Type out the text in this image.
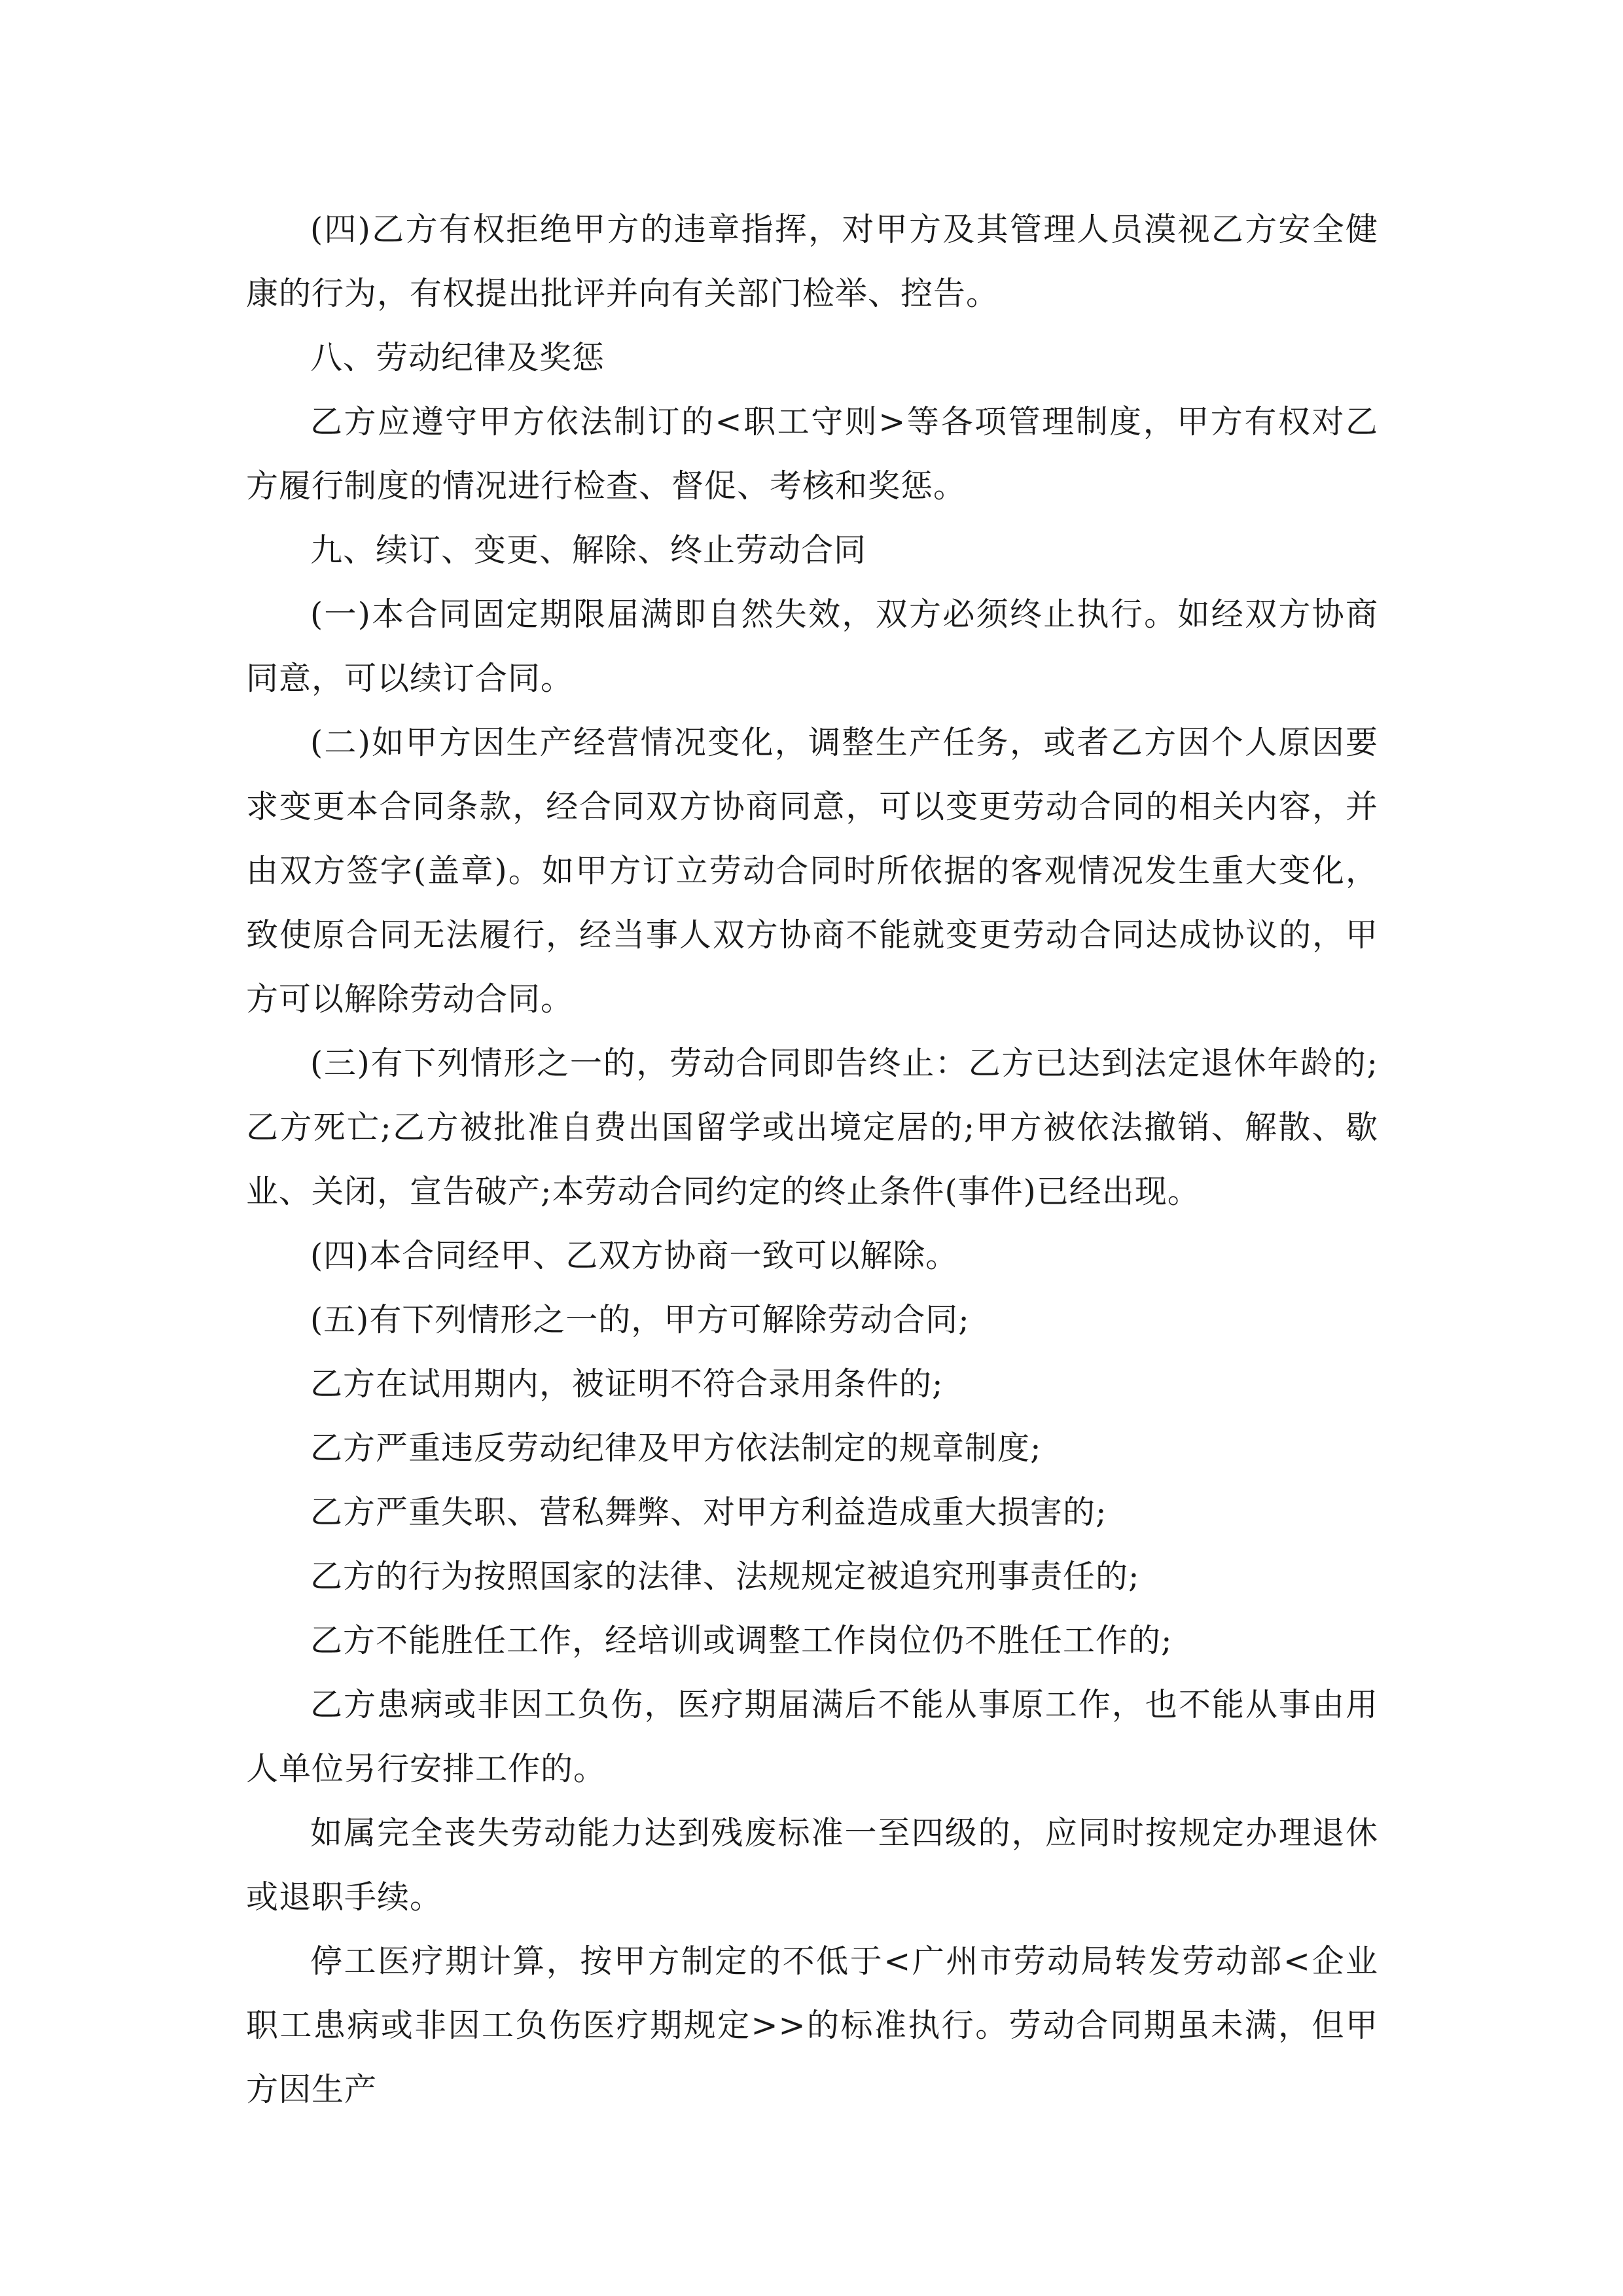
(四)乙方有权拒绝甲方的违章指挥，对甲方及其管理人员漠视乙方安全健康的行为，有权提出批评并向有关部门检举、控告。

八、劳动纪律及奖惩

乙方应遵守甲方依法制订的<职工守则>等各项管理制度，甲方有权对乙方履行制度的情况进行检查、督促、考核和奖惩。

九、续订、变更、解除、终止劳动合同

(一)本合同固定期限届满即自然失效，双方必须终止执行。如经双方协商同意，可以续订合同。

(二)如甲方因生产经营情况变化，调整生产任务，或者乙方因个人原因要求变更本合同条款，经合同双方协商同意，可以变更劳动合同的相关内容，并由双方签字(盖章)。如甲方订立劳动合同时所依据的客观情况发生重大变化，致使原合同无法履行，经当事人双方协商不能就变更劳动合同达成协议的，甲方可以解除劳动合同。

(三)有下列情形之一的，劳动合同即告终止：乙方已达到法定退休年龄的;乙方死亡;乙方被批准自费出国留学或出境定居的;甲方被依法撤销、解散、歇业、关闭，宣告破产;本劳动合同约定的终止条件(事件)已经出现。

(四)本合同经甲、乙双方协商一致可以解除。

(五)有下列情形之一的，甲方可解除劳动合同;

乙方在试用期内，被证明不符合录用条件的;

乙方严重违反劳动纪律及甲方依法制定的规章制度;

乙方严重失职、营私舞弊、对甲方利益造成重大损害的;

乙方的行为按照国家的法律、法规规定被追究刑事责任的;

乙方不能胜任工作，经培训或调整工作岗位仍不胜任工作的;

乙方患病或非因工负伤，医疗期届满后不能从事原工作，也不能从事由用人单位另行安排工作的。

如属完全丧失劳动能力达到残废标准一至四级的，应同时按规定办理退休或退职手续。

停工医疗期计算，按甲方制定的不低于<广州市劳动局转发劳动部<企业职工患病或非因工负伤医疗期规定>>的标准执行。劳动合同期虽未满，但甲方因生产
